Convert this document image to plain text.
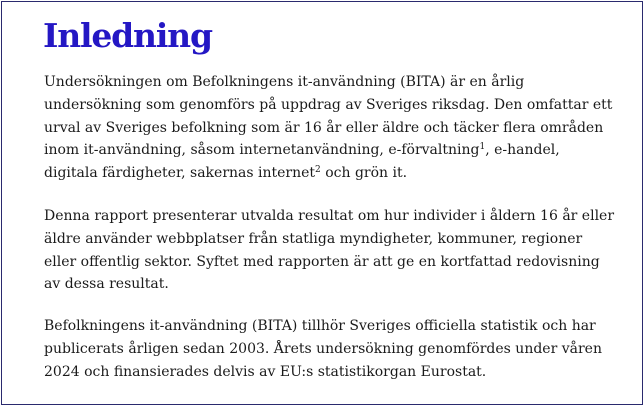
Inledning

Undersökningen om Befolkningens it-användning (BITA) är en årlig
undersökning som genomförs på uppdrag av Sveriges riksdag. Den omfattar ett
urval av Sveriges befolkning som är 16 år eller äldre och täcker flera områden
inom it-användning, såsom internetanvändning, e-förvaltning$^1$, e-handel,
digitala färdigheter, sakernas internet$^2$ och grön it.

Denna rapport presenterar utvalda resultat om hur individer i åldern 16 år eller
äldre använder webbplatser från statliga myndigheter, kommuner, regioner
eller offentlig sektor. Syftet med rapporten är att ge en kortfattad redovisning
av dessa resultat.

Befolkningens it-användning (BITA) tillhör Sveriges officiella statistik och har
publicerats årligen sedan 2003. Årets undersökning genomfördes under våren
2024 och finansierades delvis av EU:s statistikorgan Eurostat.
